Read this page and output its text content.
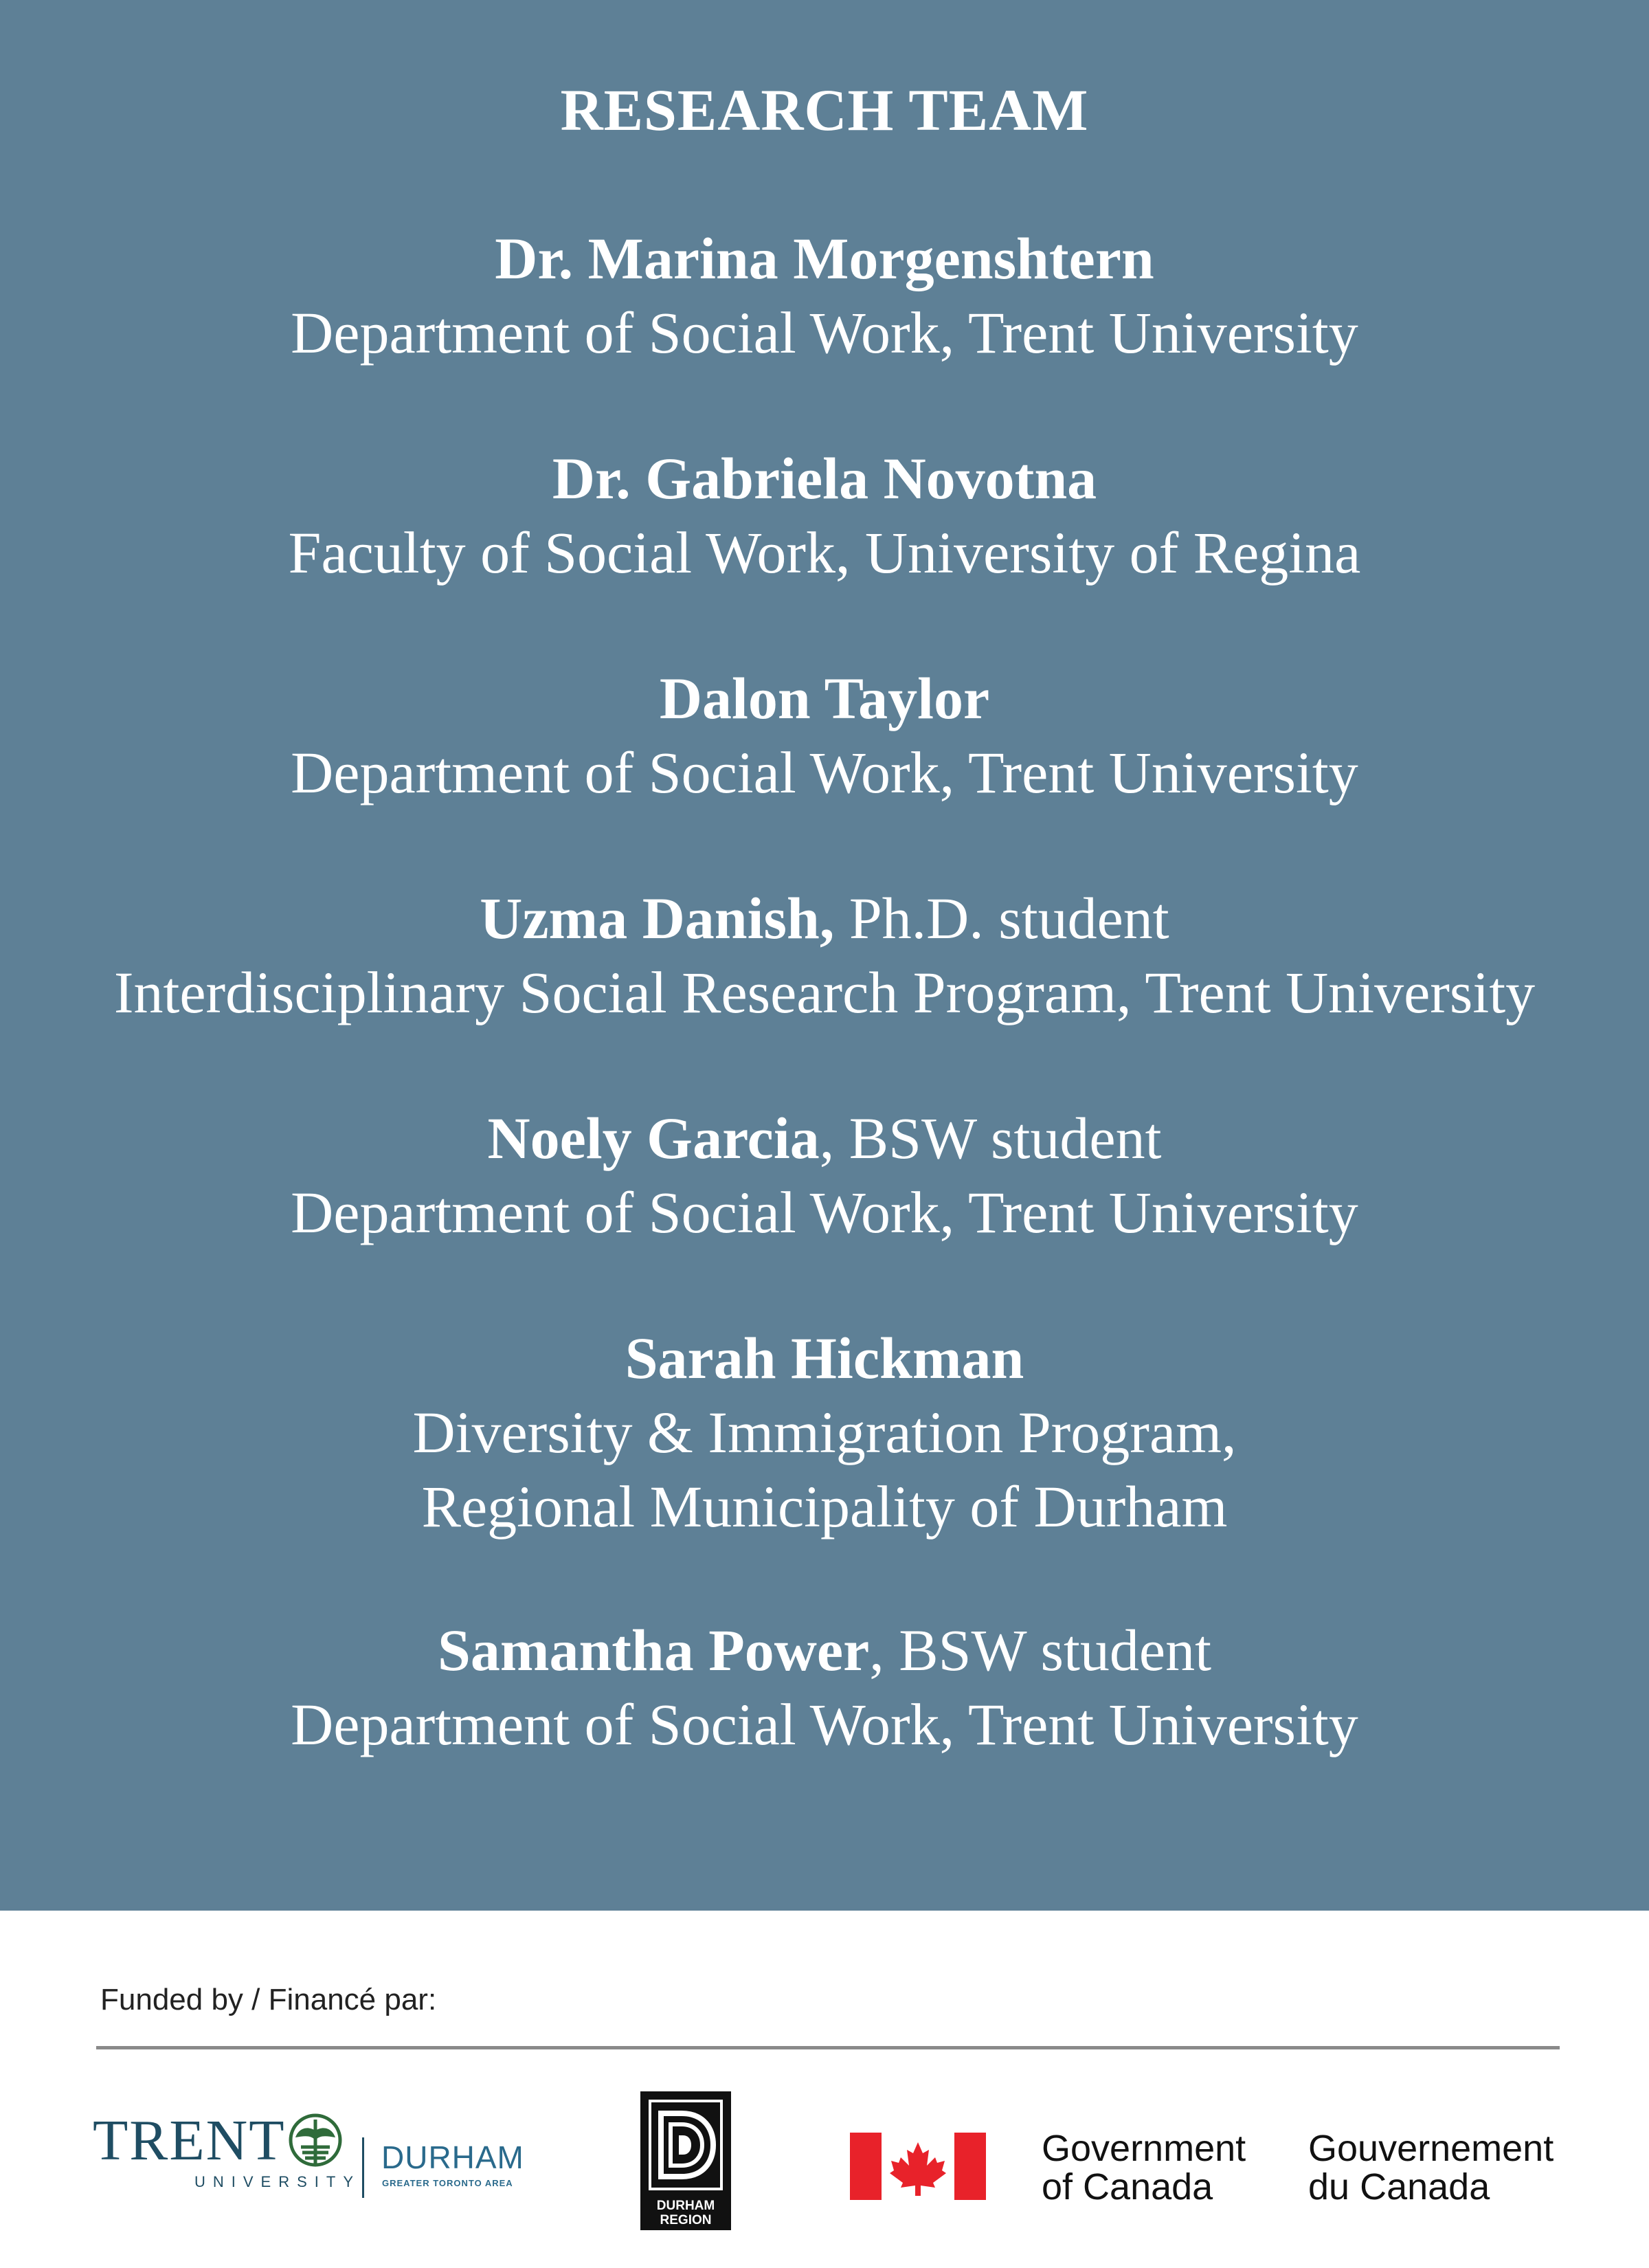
RESEARCH TEAM
Dr. Marina Morgenshtern
Department of Social Work, Trent University
Dr. Gabriela Novotna
Faculty of Social Work, University of Regina
Dalon Taylor
Department of Social Work, Trent University
Uzma Danish, Ph.D. student
Interdisciplinary Social Research Program, Trent University
Noely Garcia, BSW student
Department of Social Work, Trent University
Sarah Hickman
Diversity & Immigration Program,
Regional Municipality of Durham
Samantha Power, BSW student
Department of Social Work, Trent University
Funded by / Financé par:
TRENT
UNIVERSITY
DURHAM
GREATER TORONTO AREA
DURHAM
REGION
Government
of Canada
Gouvernement
du Canada
